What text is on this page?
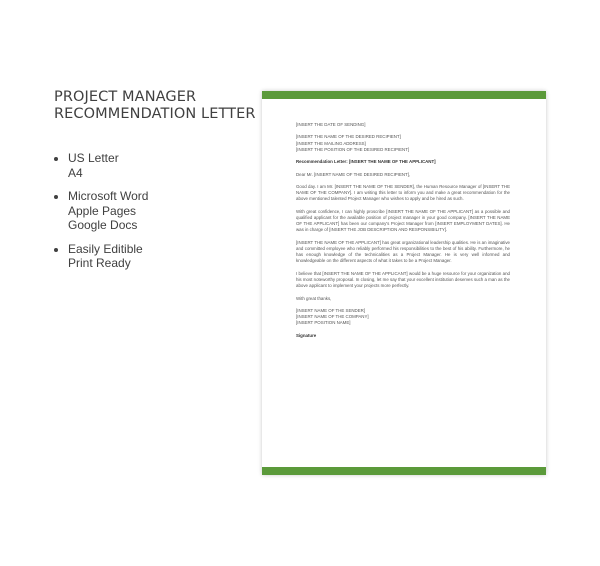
PROJECT MANAGER
RECOMMENDATION LETTER
US Letter
A4
Microsoft Word
Apple Pages
Google Docs
Easily Editible
Print Ready
[INSERT THE DATE OF SENDING]
[INSERT THE NAME OF THE DESIRED RECIPIENT]
[INSERT THE MAILING ADDRESS]
[INSERT THE POSITION OF THE DESIRED RECIPIENT]
Recommendation Letter: [INSERT THE NAME OF THE APPLICANT]
Dear Mr. [INSERT NAME OF THE DESIRED RECIPIENT],
Good day. I am Mr. [INSERT THE NAME OF THE SENDER], the Human Resource Manager of [INSERT THE NAME OF THE COMPANY]. I am writing this letter to inform you and make a great recommendation for the above mentioned talented Project Manager who wishes to apply and be hired as such.
With great confidence, I can highly proscribe [INSERT THE NAME OF THE APPLICANT] as a possible and qualified applicant for the available position of project manager in your good company. [INSERT THE NAME OF THE APPLICANT] has been our company's Project Manager from [INSERT EMPLOYMENT DATES]. He was in charge of [INSERT THE JOB DESCRIPTION AND RESPONSIBILITY].
[INSERT THE NAME OF THE APPLICANT] has great organizational leadership qualities. He is an imaginative and committed employee who reliably performed his responsibilities to the best of his ability. Furthermore, he has enough knowledge of the technicalities as a Project Manager. He is very well informed and knowledgeable on the different aspects of what it takes to be a Project Manager.
I believe that [INSERT THE NAME OF THE APPLICANT] would be a huge resource for your organization and his most noteworthy proposal. In closing, let me say that your excellent institution deserves such a man as the above applicant to implement your projects more perfectly.
With great thanks,
[INSERT NAME OF THE SENDER]
[INSERT NAME OF THE COMPANY]
[INSERT POSITION NAME]
Signature
